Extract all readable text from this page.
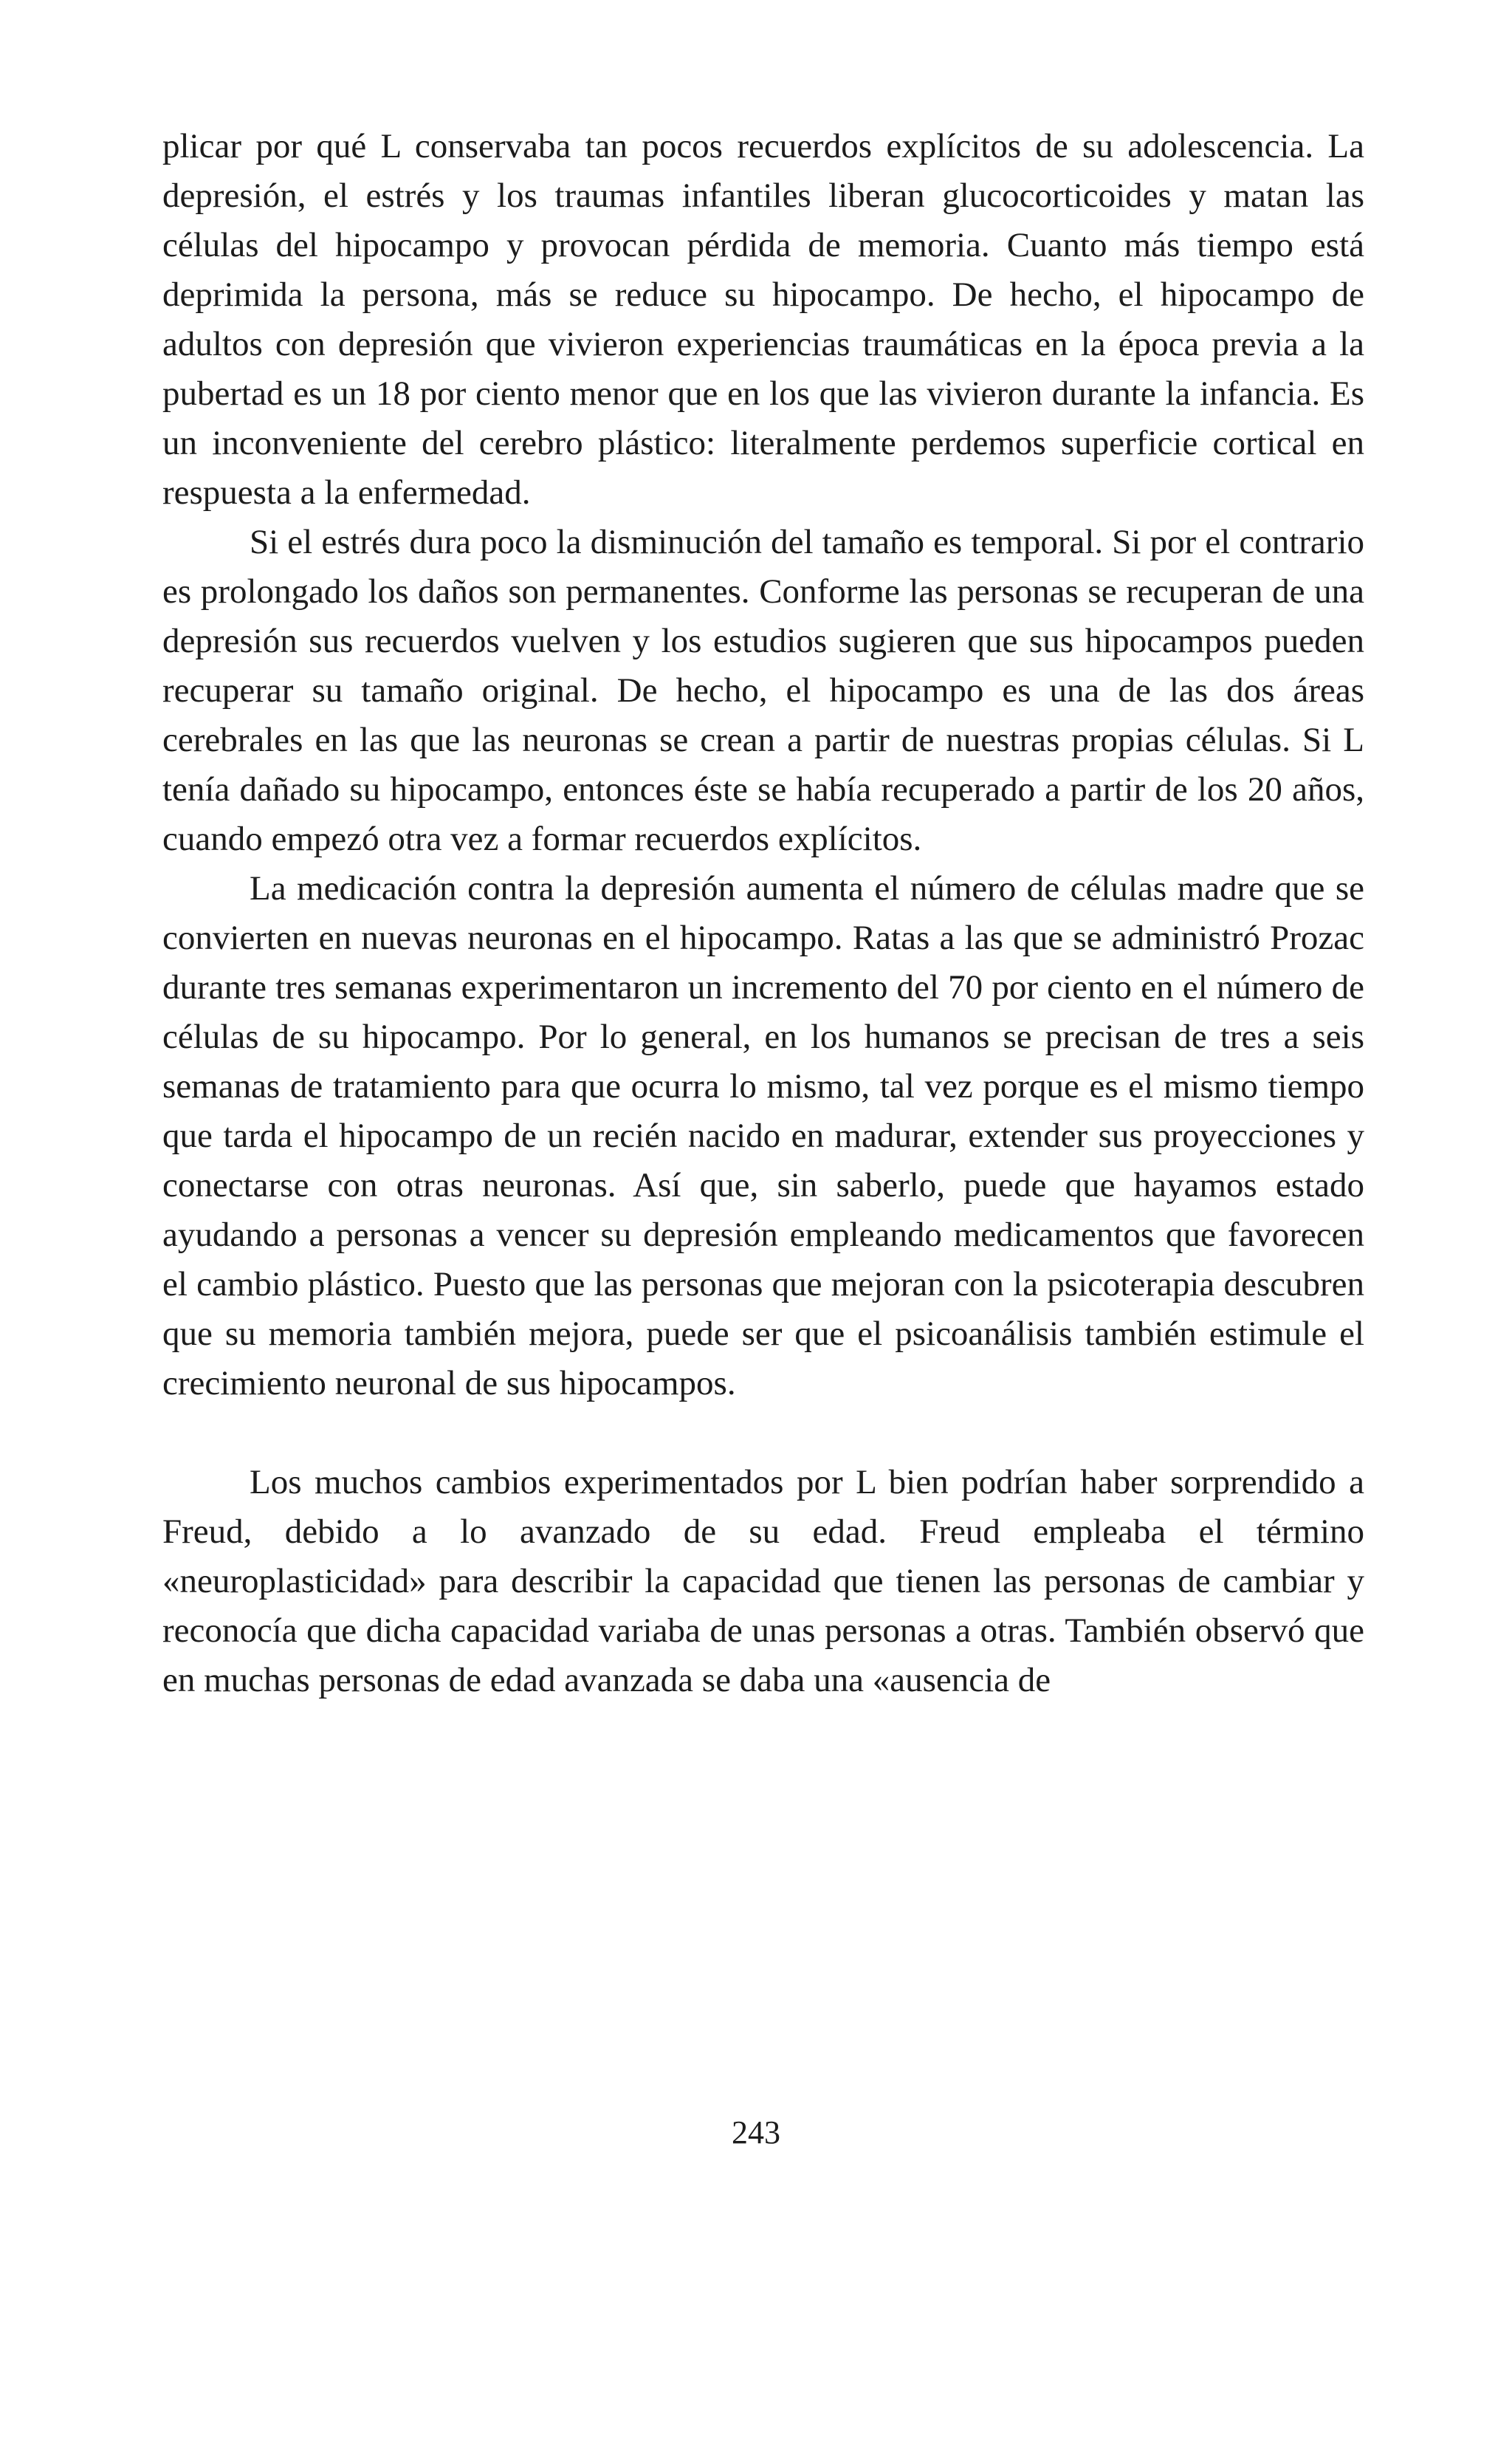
plicar por qué L conservaba tan pocos recuerdos explícitos de su adolescencia. La depresión, el estrés y los traumas infantiles liberan glucocorticoides y matan las células del hipocampo y provocan pérdida de memoria. Cuanto más tiempo está deprimida la persona, más se reduce su hipocampo. De hecho, el hipocampo de adultos con depresión que vivieron experiencias traumáticas en la época previa a la pubertad es un 18 por ciento menor que en los que las vivieron durante la infancia. Es un inconveniente del cerebro plástico: literalmente perdemos superficie cortical en respuesta a la enfermedad.

Si el estrés dura poco la disminución del tamaño es temporal. Si por el contrario es prolongado los daños son permanentes. Conforme las personas se recuperan de una depresión sus recuerdos vuelven y los estudios sugieren que sus hipocampos pueden recuperar su tamaño original. De hecho, el hipocampo es una de las dos áreas cerebrales en las que las neuronas se crean a partir de nuestras propias células. Si L tenía dañado su hipocampo, entonces éste se había recuperado a partir de los 20 años, cuando empezó otra vez a formar recuerdos explícitos.

La medicación contra la depresión aumenta el número de células madre que se convierten en nuevas neuronas en el hipocampo. Ratas a las que se administró Prozac durante tres semanas experimentaron un incremento del 70 por ciento en el número de células de su hipocampo. Por lo general, en los humanos se precisan de tres a seis semanas de tratamiento para que ocurra lo mismo, tal vez porque es el mismo tiempo que tarda el hipocampo de un recién nacido en madurar, extender sus proyecciones y conectarse con otras neuronas. Así que, sin saberlo, puede que hayamos estado ayudando a personas a vencer su depresión empleando medicamentos que favorecen el cambio plástico. Puesto que las personas que mejoran con la psicoterapia descubren que su memoria también mejora, puede ser que el psicoanálisis también estimule el crecimiento neuronal de sus hipocampos.

Los muchos cambios experimentados por L bien podrían haber sorprendido a Freud, debido a lo avanzado de su edad. Freud empleaba el término «neuroplasticidad» para describir la capacidad que tienen las personas de cambiar y reconocía que dicha capacidad variaba de unas personas a otras. También observó que en muchas personas de edad avanzada se daba una «ausencia de

243
